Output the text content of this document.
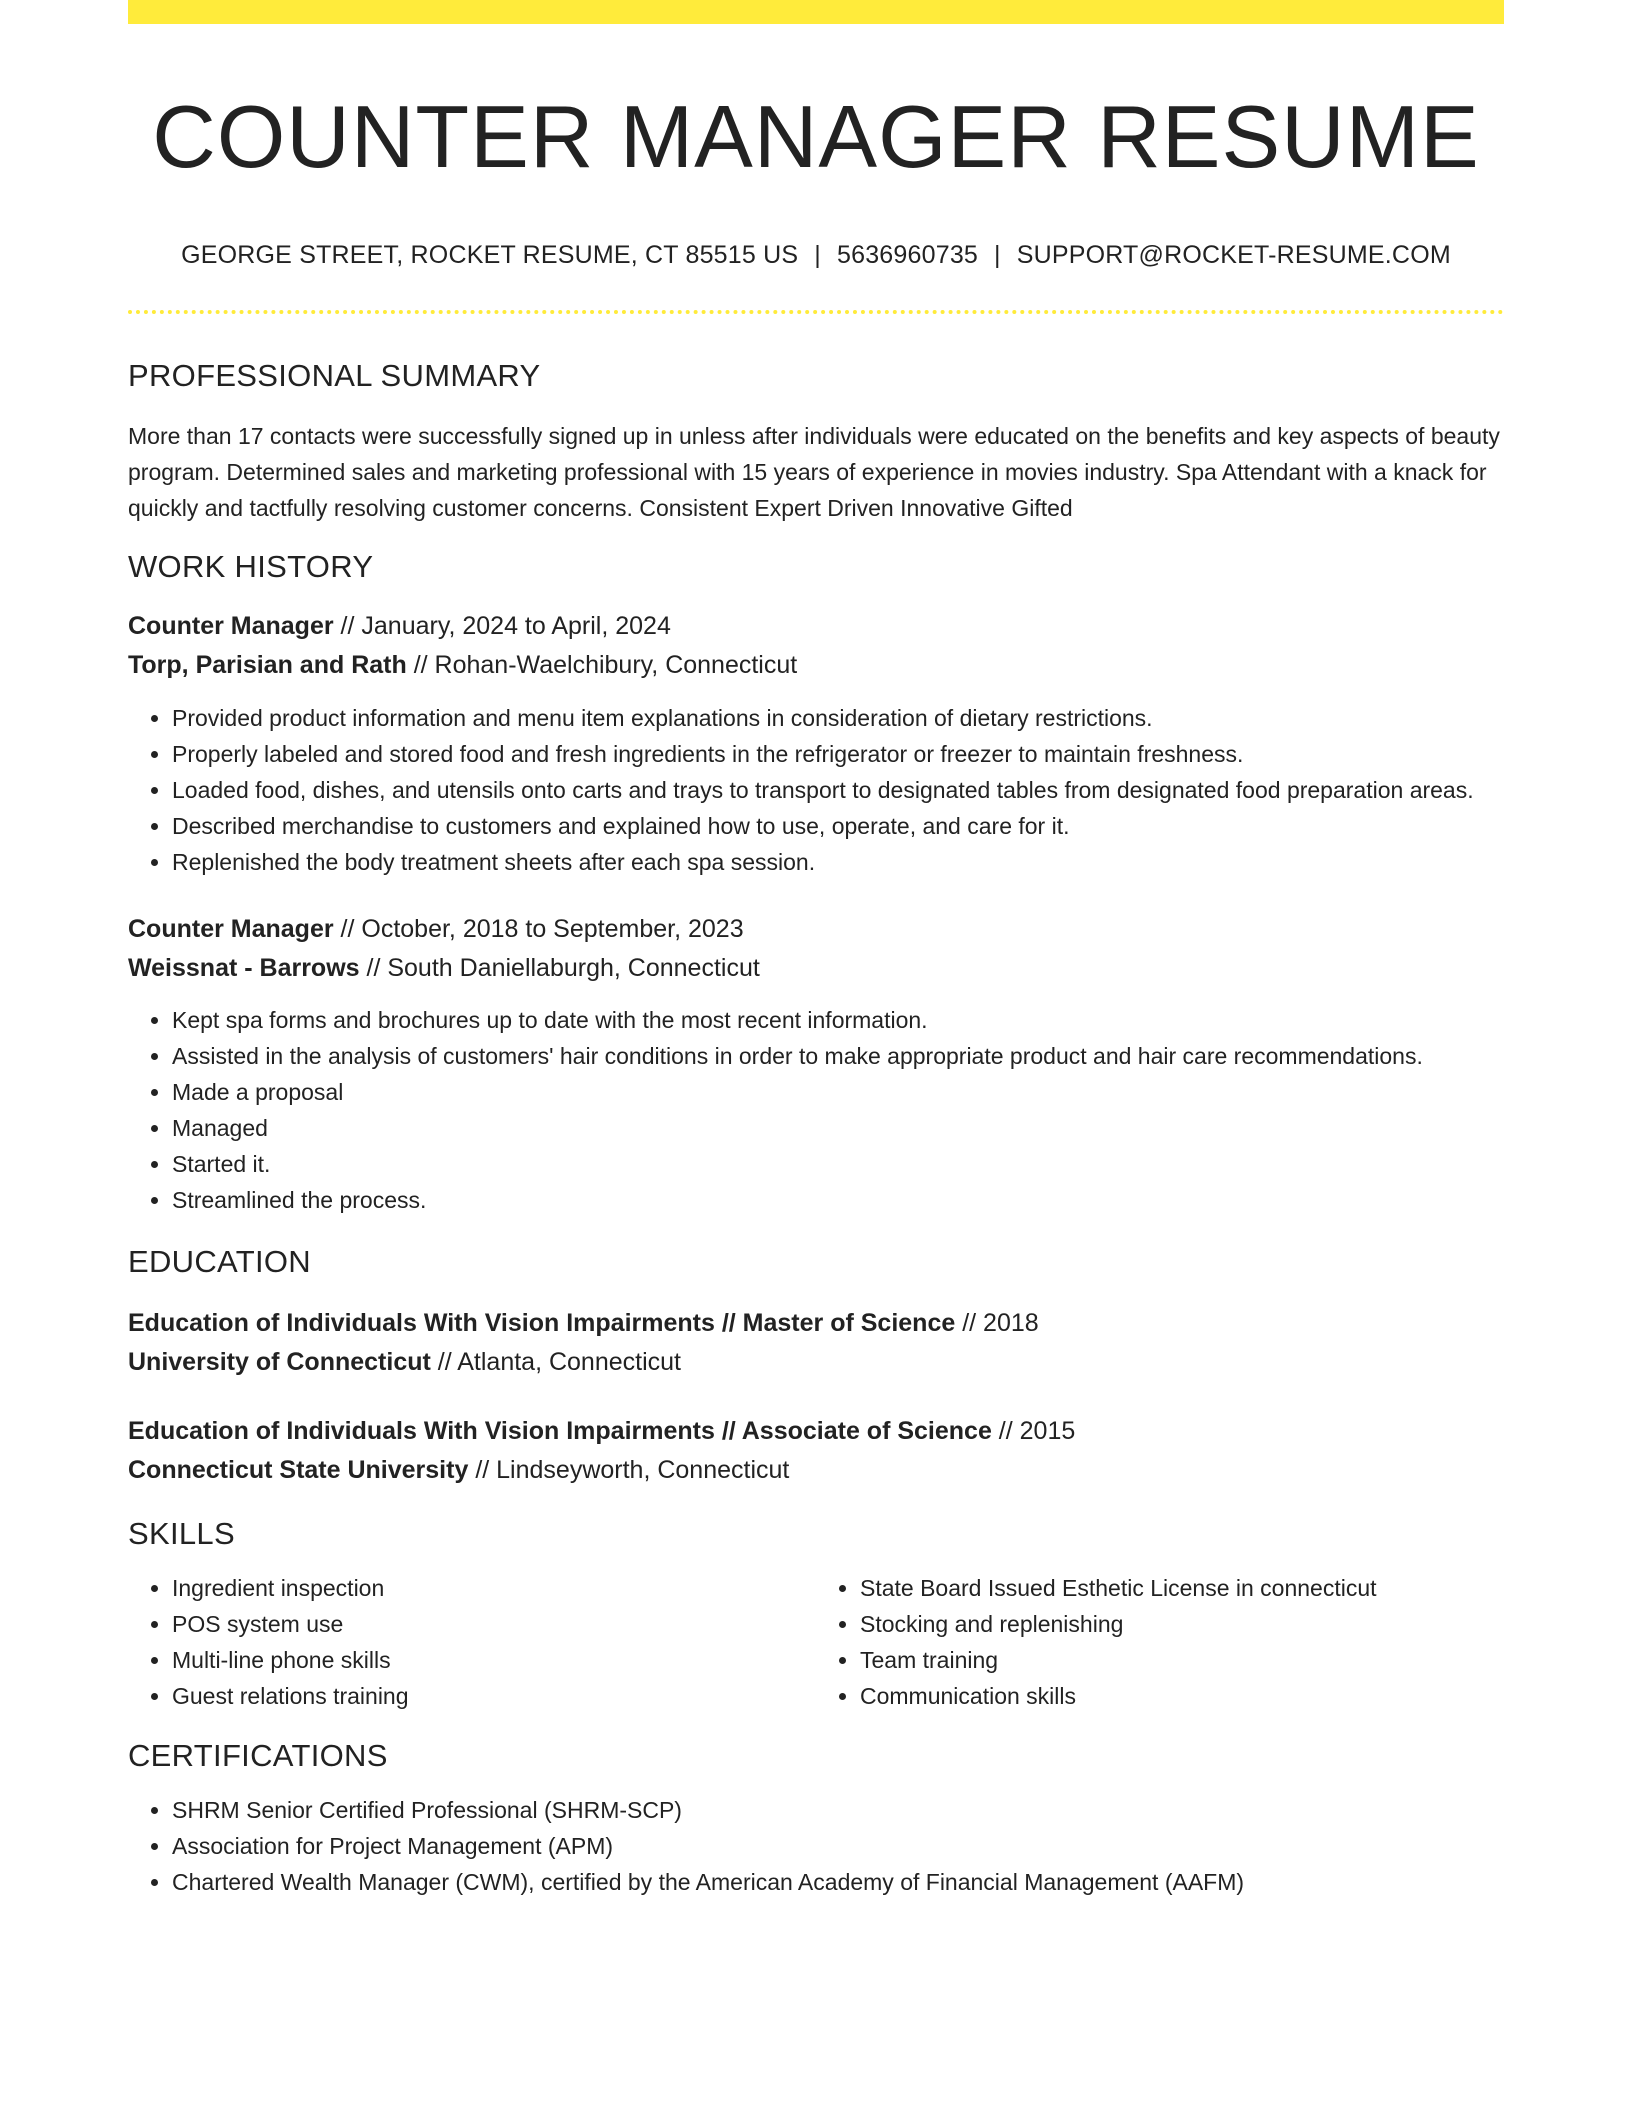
COUNTER MANAGER RESUME
GEORGE STREET, ROCKET RESUME, CT 85515 US | 5636960735 | SUPPORT@ROCKET-RESUME.COM
PROFESSIONAL SUMMARY

More than 17 contacts were successfully signed up in unless after individuals were educated on the benefits and key aspects of beauty program. Determined sales and marketing professional with 15 years of experience in movies industry. Spa Attendant with a knack for quickly and tactfully resolving customer concerns. Consistent Expert Driven Innovative Gifted

WORK HISTORY
Counter Manager // January, 2024 to April, 2024
Torp, Parisian and Rath // Rohan-Waelchibury, Connecticut
• Provided product information and menu item explanations in consideration of dietary restrictions.
• Properly labeled and stored food and fresh ingredients in the refrigerator or freezer to maintain freshness.
• Loaded food, dishes, and utensils onto carts and trays to transport to designated tables from designated food preparation areas.
• Described merchandise to customers and explained how to use, operate, and care for it.
• Replenished the body treatment sheets after each spa session.
Counter Manager // October, 2018 to September, 2023
Weissnat - Barrows // South Daniellaburgh, Connecticut
• Kept spa forms and brochures up to date with the most recent information.
• Assisted in the analysis of customers' hair conditions in order to make appropriate product and hair care recommendations.
• Made a proposal
• Managed
• Started it.
• Streamlined the process.
EDUCATION
Education of Individuals With Vision Impairments // Master of Science // 2018
University of Connecticut // Atlanta, Connecticut
Education of Individuals With Vision Impairments // Associate of Science // 2015
Connecticut State University // Lindseyworth, Connecticut
SKILLS
• Ingredient inspection
• POS system use
• Multi-line phone skills
• Guest relations training
• State Board Issued Esthetic License in connecticut
• Stocking and replenishing
• Team training
• Communication skills
CERTIFICATIONS
• SHRM Senior Certified Professional (SHRM-SCP)
• Association for Project Management (APM)
• Chartered Wealth Manager (CWM), certified by the American Academy of Financial Management (AAFM)
